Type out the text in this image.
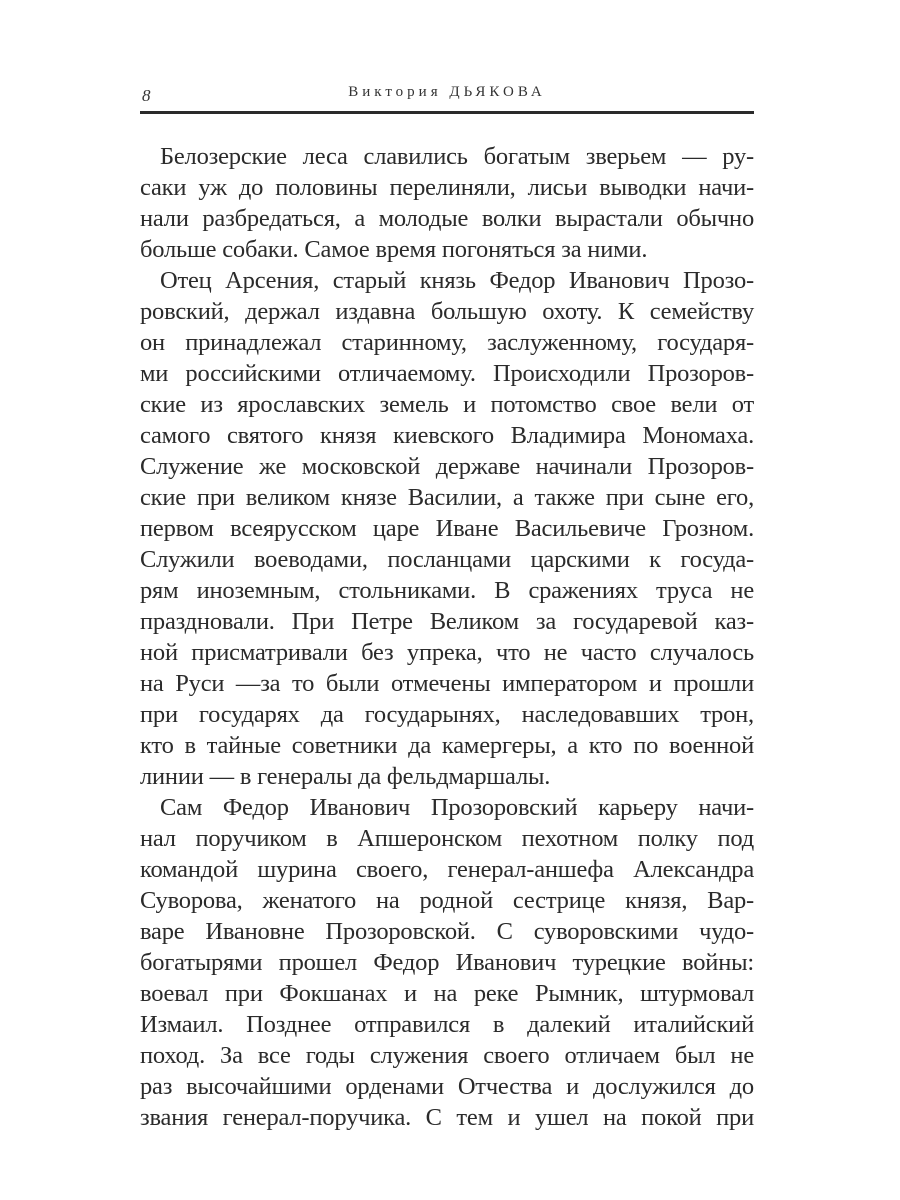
8	Виктория ДЬЯКОВА
Белозерские леса славились богатым зверьем — ру-
саки уж до половины перелиняли, лисьи выводки начи-
нали разбредаться, а молодые волки вырастали обычно
больше собаки. Самое время погоняться за ними.
Отец Арсения, старый князь Федор Иванович Прозо-
ровский, держал издавна большую охоту. К семейству
он принадлежал старинному, заслуженному, государя-
ми российскими отличаемому. Происходили Прозоров-
ские из ярославских земель и потомство свое вели от
самого святого князя киевского Владимира Мономаха.
Служение же московской державе начинали Прозоров-
ские при великом князе Василии, а также при сыне его,
первом всеярусском царе Иване Васильевиче Грозном.
Служили воеводами, посланцами царскими к госуда-
рям иноземным, стольниками. В сражениях труса не
праздновали. При Петре Великом за государевой каз-
ной присматривали без упрека, что не часто случалось
на Руси —за то были отмечены императором и прошли
при государях да государынях, наследовавших трон,
кто в тайные советники да камергеры, а кто по военной
линии — в генералы да фельдмаршалы.
Сам Федор Иванович Прозоровский карьеру начи-
нал поручиком в Апшеронском пехотном полку под
командой шурина своего, генерал-аншефа Александра
Суворова, женатого на родной сестрице князя, Вар-
варе Ивановне Прозоровской. С суворовскими чудо-
богатырями прошел Федор Иванович турецкие войны:
воевал при Фокшанах и на реке Рымник, штурмовал
Измаил. Позднее отправился в далекий италийский
поход. За все годы служения своего отличаем был не
раз высочайшими орденами Отчества и дослужился до
звания генерал-поручика. С тем и ушел на покой при
